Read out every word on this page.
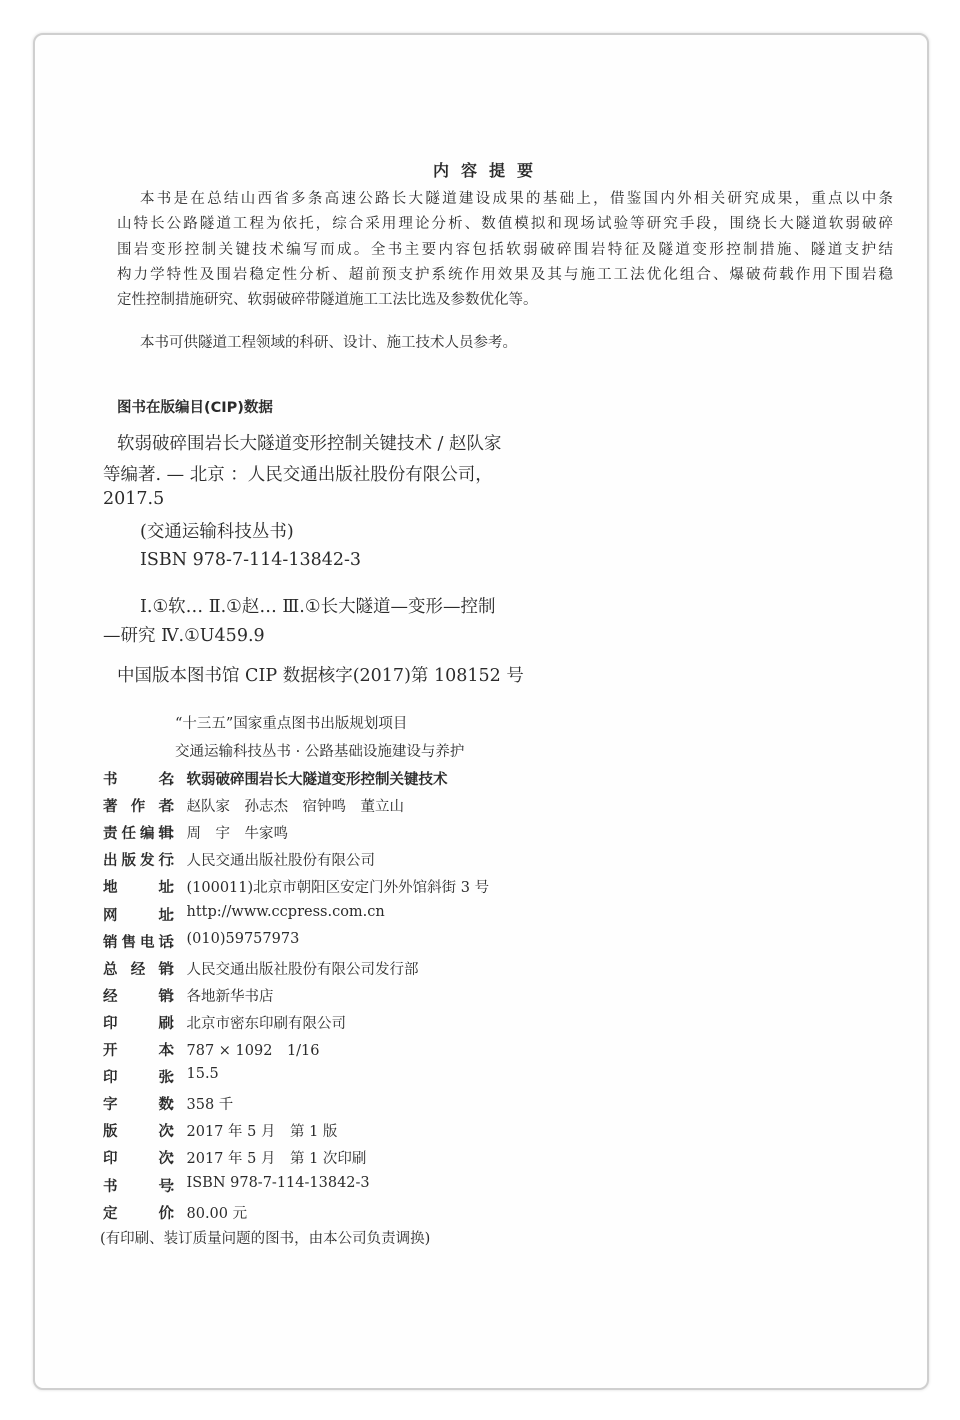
内容提要
本书是在总结山西省多条高速公路长大隧道建设成果的基础上，借鉴国内外相关研究成果，重点以中条
山特长公路隧道工程为依托，综合采用理论分析、数值模拟和现场试验等研究手段，围绕长大隧道软弱破碎
围岩变形控制关键技术编写而成。全书主要内容包括软弱破碎围岩特征及隧道变形控制措施、隧道支护结
构力学特性及围岩稳定性分析、超前预支护系统作用效果及其与施工工法优化组合、爆破荷载作用下围岩稳
定性控制措施研究、软弱破碎带隧道施工工法比选及参数优化等。
本书可供隧道工程领域的科研、设计、施工技术人员参考。
图书在版编目(CIP)数据
软弱破碎围岩长大隧道变形控制关键技术 / 赵队家
等编著. — 北京 ：人民交通出版社股份有限公司，
2017.5
(交通运输科技丛书)
ISBN 978-7-114-13842-3
Ⅰ.①软… Ⅱ.①赵… Ⅲ.①长大隧道—变形—控制
—研究 Ⅳ.①U459.9
中国版本图书馆 CIP 数据核字(2017)第 108152 号
“十三五”国家重点图书出版规划项目
交通运输科技丛书 · 公路基础设施建设与养护
书名
： 软弱破碎围岩长大隧道变形控制关键技术
著作者
： 赵队家　孙志杰　宿钟鸣　董立山
责任编辑
： 周　宇　牛家鸣
出版发行
： 人民交通出版社股份有限公司
地址
： (100011)北京市朝阳区安定门外外馆斜街 3 号
网址
： http://www.ccpress.com.cn
销售电话
： (010)59757973
总经销
： 人民交通出版社股份有限公司发行部
经销
： 各地新华书店
印刷
： 北京市密东印刷有限公司
开本
： 787 × 1092　1/16
印张
： 15.5
字数
： 358 千
版次
： 2017 年 5 月　第 1 版
印次
： 2017 年 5 月　第 1 次印刷
书号
： ISBN 978-7-114-13842-3
定价
： 80.00 元
(有印刷、装订质量问题的图书，由本公司负责调换)
